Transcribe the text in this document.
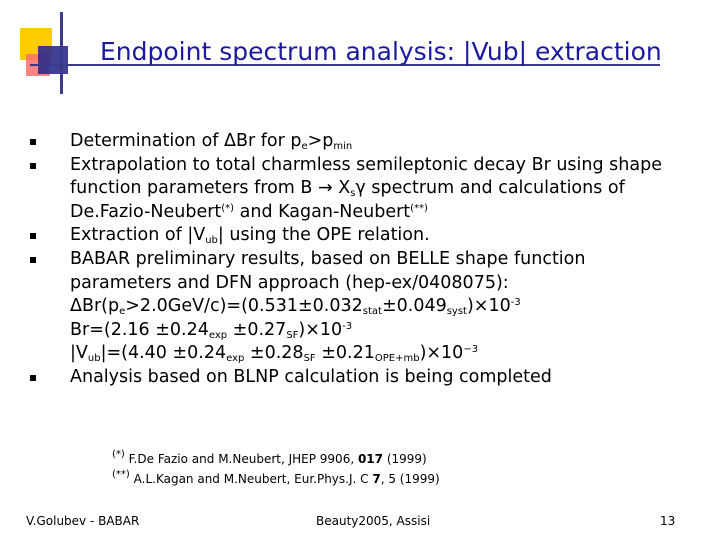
Endpoint spectrum analysis: |Vub| extraction
Determination of ΔBr for $p_e>p_{min}$
Extrapolation to total charmless semileptonic decay Br using shape
function parameters from $B \to X_s\gamma$ spectrum and calculations of
De.Fazio-Neubert(*) and Kagan-Neubert(**)
Extraction of $|V_{ub}|$ using the OPE relation.
BABAR preliminary results, based on BELLE shape function
parameters and DFN approach (hep-ex/0408075):
$\Delta Br(p_e>2.0GeV/c)=(0.531\pm 0.032_{stat}\pm 0.049_{syst})\times 10^{-3}$
$Br=(2.16 \pm 0.24_{exp} \pm 0.27_{SF})\times 10^{-3}$
$|V_{ub}|=(4.40 \pm 0.24_{exp} \pm 0.28_{SF} \pm 0.21_{OPE+mb})\times 10^{-3}$
Analysis based on BLNP calculation is being completed
(*) F.De Fazio and M.Neubert, JHEP 9906, 017 (1999)
(**) A.L.Kagan and M.Neubert, Eur.Phys.J. C 7, 5 (1999)
V.Golubev - BABAR	Beauty2005, Assisi	13
